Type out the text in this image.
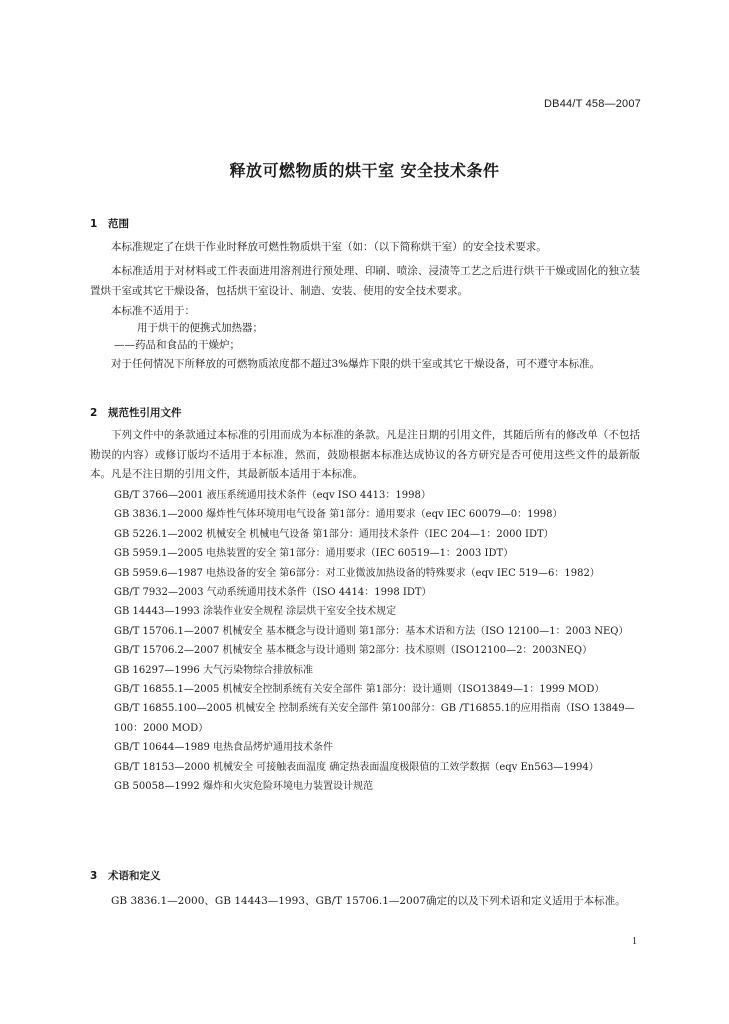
DB44/T 458—2007
释放可燃物质的烘干室 安全技术条件
1 范围
本标准规定了在烘干作业时释放可燃性物质烘干室（如：（以下简称烘干室）的安全技术要求。
本标准适用于对材料或工件表面进用溶剂进行预处理、印刷、喷涂、浸渍等工艺之后进行烘干干燥或固化的独立装置烘干室或其它干燥设备，包括烘干室设计、制造、安装、使用的安全技术要求。
本标准不适用于：
用于烘干的便携式加热器；
——药品和食品的干燥炉；
对于任何情况下所释放的可燃物质浓度都不超过3%爆炸下限的烘干室或其它干燥设备，可不遵守本标准。
2 规范性引用文件
下列文件中的条款通过本标准的引用而成为本标准的条款。凡是注日期的引用文件，其随后所有的修改单（不包括勘误的内容）或修订版均不适用于本标准，然而，鼓励根据本标准达成协议的各方研究是否可使用这些文件的最新版本。凡是不注日期的引用文件，其最新版本适用于本标准。
GB/T 3766—2001 液压系统通用技术条件（eqv ISO 4413：1998）
GB 3836.1—2000 爆炸性气体环境用电气设备 第1部分：通用要求（eqv IEC 60079—0：1998）
GB 5226.1—2002 机械安全 机械电气设备 第1部分：通用技术条件（IEC 204—1：2000 IDT）
GB 5959.1—2005 电热装置的安全 第1部分：通用要求（IEC 60519—1：2003 IDT）
GB 5959.6—1987 电热设备的安全 第6部分：对工业微波加热设备的特殊要求（eqv IEC 519—6：1982）
GB/T 7932—2003 气动系统通用技术条件（ISO 4414：1998 IDT）
GB 14443—1993 涂装作业安全规程 涂层烘干室安全技术规定
GB/T 15706.1—2007 机械安全 基本概念与设计通则 第1部分：基本术语和方法（ISO 12100—1：2003 NEQ）
GB/T 15706.2—2007 机械安全 基本概念与设计通则 第2部分：技术原则（ISO12100—2：2003NEQ）
GB 16297—1996 大气污染物综合排放标准
GB/T 16855.1—2005 机械安全控制系统有关安全部件 第1部分：设计通则（ISO13849—1：1999 MOD）
GB/T 16855.100—2005 机械安全 控制系统有关安全部件 第100部分：GB /T16855.1的应用指南（ISO 13849—100：2000 MOD）
GB/T 10644—1989 电热食品烤炉通用技术条件
GB/T 18153—2000 机械安全 可接触表面温度 确定热表面温度极限值的工效学数据（eqv En563—1994）
GB 50058—1992 爆炸和火灾危险环境电力装置设计规范
3 术语和定义
GB 3836.1—2000、GB 14443—1993、GB/T 15706.1—2007确定的以及下列术语和定义适用于本标准。
1
